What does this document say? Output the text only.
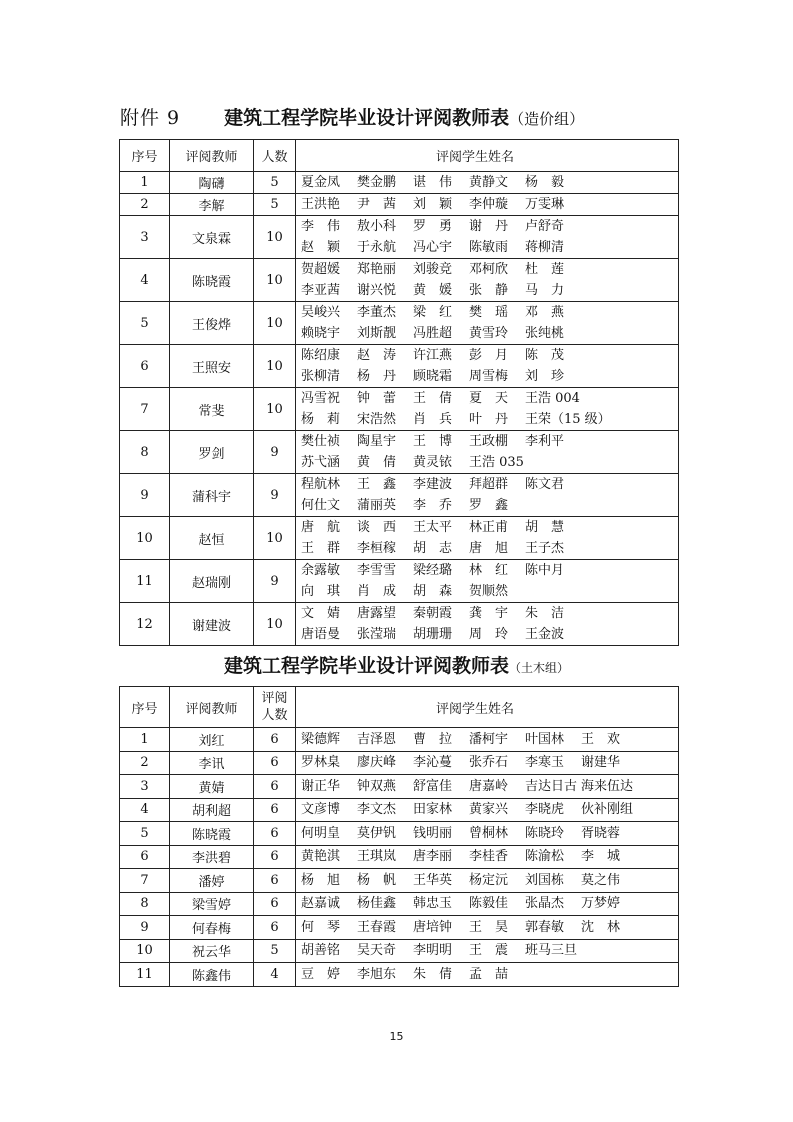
附件 9 建筑工程学院毕业设计评阅教师表（造价组）
序号	评阅教师	人数	评阅学生姓名
1	陶礴	5	夏金凤 樊金鹏 谌　伟 黄静文 杨　毅

2	李解	5	王洪艳 尹　茜 刘　颖 李仲璇 万雯琳

3	文泉霖	10	李　伟 敖小科 罗　勇 谢　丹 卢舒奇
赵　颖 于永航 冯心宇 陈敏雨 蒋柳清

4	陈晓霞	10	贺超媛 郑艳丽 刘骏竞 邓柯欣 杜　莲
李亚茜 谢兴悦 黄　媛 张　静 马　力

5	王俊烨	10	吴峻兴 李董杰 梁　红 樊　瑶 邓　燕
赖晓宇 刘斯靓 冯胜超 黄雪玲 张纯桃

6	王照安	10	陈绍康 赵　涛 许江燕 彭　月 陈　茂
张柳清 杨　丹 顾晓霜 周雪梅 刘　珍

7	常斐	10	冯雪祝 钟　蕾 王　倩 夏　天 王浩 004
杨　莉 宋浩然 肖　兵 叶　丹 王荣（15 级）

8	罗剑	9	樊仕祯 陶星宇 王　博 王政棚 李利平
苏弋涵 黄　倩 黄灵铱 王浩 035

9	蒲科宇	9	程航林 王　鑫 李建波 拜超群 陈文君
何仕文 蒲丽英 李　乔 罗　鑫

10	赵恒	10	唐　航 谈　西 王太平 林正甫 胡　慧
王　群 李桓稼 胡　志 唐　旭 王子杰

11	赵瑞刚	9	余露敏 李雪雪 梁经璐 林　红 陈中月
向　琪 肖　成 胡　森 贺顺然

12	谢建波	10	文　婧 唐露望 秦朝霞 龚　宇 朱　洁
唐语曼 张滢瑞 胡珊珊 周　玲 王金波
建筑工程学院毕业设计评阅教师表（土木组）
序号	评阅教师	评阅人数	评阅学生姓名
1	刘红	6	梁德辉 吉泽恩 曹　拉 潘柯宇 叶国林 王　欢

2	李讯	6	罗林臬 廖庆峰 李沁蔓 张乔石 李寒玉 谢建华

3	黄婧	6	谢正华 钟双燕 舒富佳 唐嘉岭 吉达日古 海来伍达

4	胡利超	6	文彦博 李文杰 田家林 黄家兴 李晓虎 伙补刚组

5	陈晓霞	6	何明皇 莫伊钒 钱明丽 曾桐林 陈晓玲 胥晓蓉

6	李洪碧	6	黄艳淇 王琪岚 唐李丽 李桂香 陈渝松 李　城

7	潘婷	6	杨　旭 杨　帆 王华英 杨定沅 刘国栋 莫之伟

8	梁雪婷	6	赵嘉诚 杨佳鑫 韩忠玉 陈毅佳 张晶杰 万梦婷

9	何春梅	6	何　琴 王春霞 唐培钟 王　昊 郭春敏 沈　林

10	祝云华	5	胡善铭 吴天奇 李明明 王　震 班马三旦

11	陈鑫伟	4	豆　婷 李旭东 朱　倩 孟　喆
15
